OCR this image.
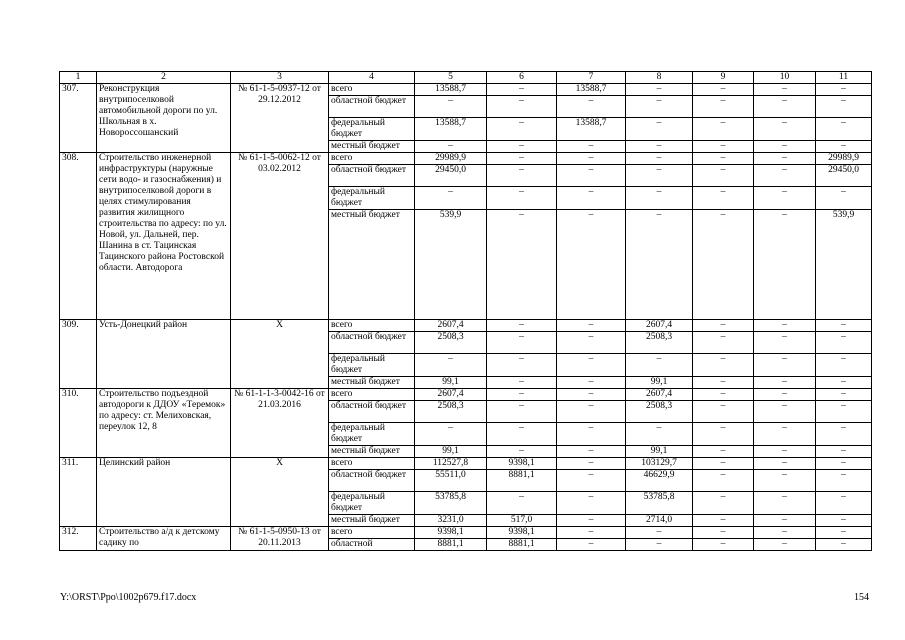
1	2	3	4	5	6	7	8	9	10	11
307.	Реконструкция внутрипоселковой автомобильной дороги по ул. Школьная в х. Новороссошанский	№ 61-1-5-0937-12 от 29.12.2012	всего	13588,7	–	13588,7	–	–	–	–
			областной бюджет	–	–	–	–	–	–	–
			федеральный бюджет	13588,7	–	13588,7	–	–	–	–
			местный бюджет	–	–	–	–	–	–	–
308.	Строительство инженерной инфраструктуры (наружные сети водо- и газоснабжения) и внутрипоселковой дороги в целях стимулирования развития жилищного строительства по адресу: по ул. Новой, ул. Дальней, пер. Шанина в ст. Тацинская Тацинского района Ростовской области. Автодорога	№ 61-1-5-0062-12 от 03.02.2012	всего	29989,9	–	–	–	–	–	29989,9
			областной бюджет	29450,0	–	–	–	–	–	29450,0
			федеральный бюджет	–	–	–	–	–	–	–
			местный бюджет	539,9	–	–	–	–	–	539,9
309.	Усть-Донецкий район	Х	всего	2607,4	–	–	2607,4	–	–	–
			областной бюджет	2508,3	–	–	2508,3	–	–	–
			федеральный бюджет	–	–	–	–	–	–	–
			местный бюджет	99,1	–	–	99,1	–	–	–
310.	Строительство подъездной автодороги к ДДОУ «Теремок» по адресу: ст. Мелиховская, переулок 12, 8	№ 61-1-1-3-0042-16 от 21.03.2016	всего	2607,4	–	–	2607,4	–	–	–
			областной бюджет	2508,3	–	–	2508,3	–	–	–
			федеральный бюджет	–	–	–	–	–	–	–
			местный бюджет	99,1	–	–	99,1	–	–	–
311.	Целинский район	Х	всего	112527,8	9398,1	–	103129,7	–	–	–
			областной бюджет	55511,0	8881,1	–	46629,9	–	–	–
			федеральный бюджет	53785,8	–	–	53785,8	–	–	–
			местный бюджет	3231,0	517,0	–	2714,0	–	–	–
312.	Строительство а/д к детскому садику по	№ 61-1-5-0950-13 от 20.11.2013	всего	9398,1	9398,1	–	–	–	–	–
			областной	8881,1	8881,1	–	–	–	–	–
Y:\ORST\Ppo\1002p679.f17.docx	154
